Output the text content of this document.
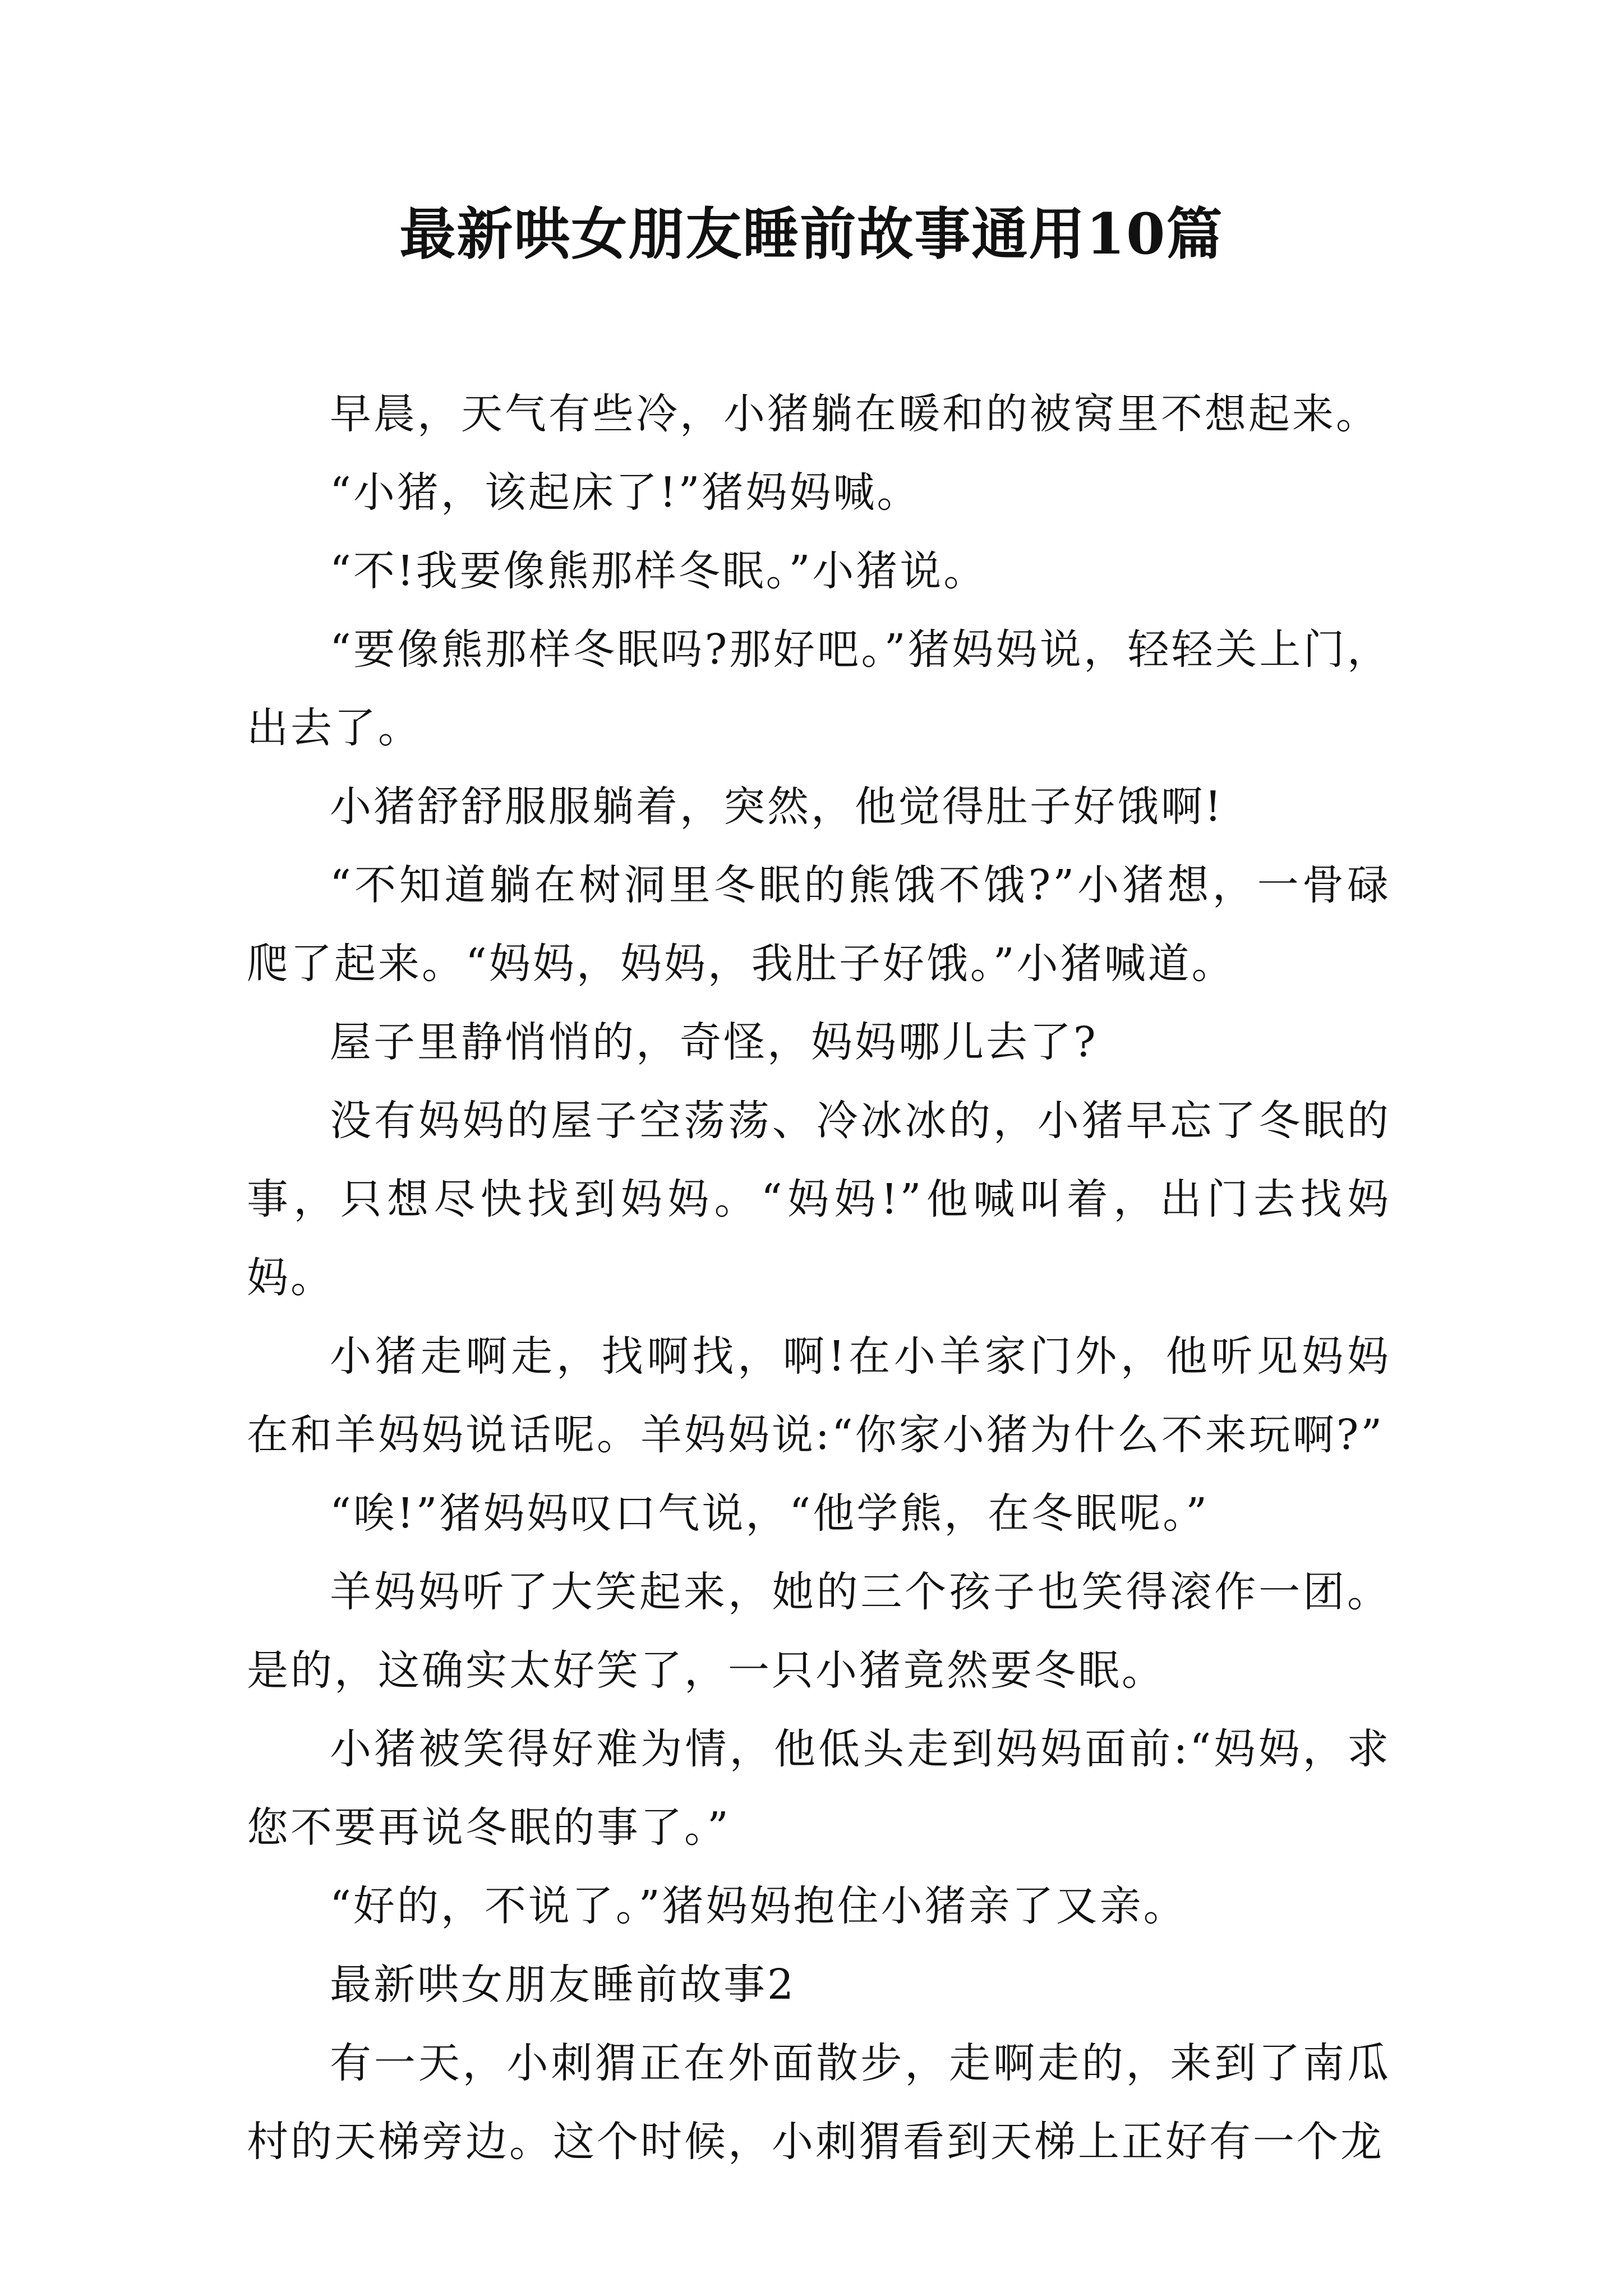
最新哄女朋友睡前故事通用10篇

早晨，天气有些冷，小猪躺在暖和的被窝里不想起来。

“小猪，该起床了!”猪妈妈喊。

“不!我要像熊那样冬眠。”小猪说。

“要像熊那样冬眠吗?那好吧。”猪妈妈说，轻轻关上门，出去了。

小猪舒舒服服躺着，突然，他觉得肚子好饿啊!

“不知道躺在树洞里冬眠的熊饿不饿?”小猪想，一骨碌爬了起来。“妈妈，妈妈，我肚子好饿。”小猪喊道。

屋子里静悄悄的，奇怪，妈妈哪儿去了?

没有妈妈的屋子空荡荡、冷冰冰的，小猪早忘了冬眠的事，只想尽快找到妈妈。“妈妈!”他喊叫着，出门去找妈妈。

小猪走啊走，找啊找，啊!在小羊家门外，他听见妈妈在和羊妈妈说话呢。羊妈妈说:“你家小猪为什么不来玩啊?”

“唉!”猪妈妈叹口气说，“他学熊，在冬眠呢。”

羊妈妈听了大笑起来，她的三个孩子也笑得滚作一团。是的，这确实太好笑了，一只小猪竟然要冬眠。

小猪被笑得好难为情，他低头走到妈妈面前:“妈妈，求您不要再说冬眠的事了。”

“好的，不说了。”猪妈妈抱住小猪亲了又亲。

最新哄女朋友睡前故事2

有一天，小刺猬正在外面散步，走啊走的，来到了南瓜村的天梯旁边。这个时候，小刺猬看到天梯上正好有一个龙
